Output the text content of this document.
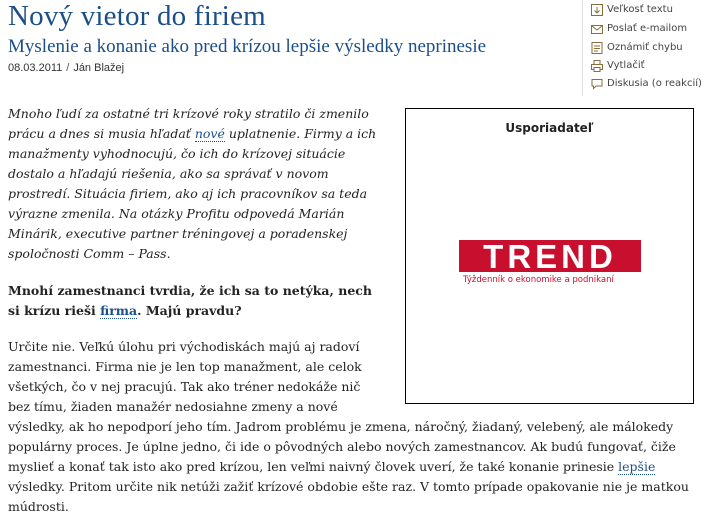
Nový vietor do firiem
Myslenie a konanie ako pred krízou lepšie výsledky neprinesie
08.03.2011 / Ján Blažej
Veľkosť textu
Poslať e-mailom
Oznámiť chybu
Vytlačiť
Diskusia (o reakcií)
Usporiadateľ
TREND
Týždenník o ekonomike a podnikaní

Mnoho ľudí za ostatné tri krízové roky stratilo či zmenilo prácu a dnes si musia hľadať nové uplatnenie. Firmy a ich manažmenty vyhodnocujú, čo ich do krízovej situácie dostalo a hľadajú riešenia, ako sa správať v novom prostredí. Situácia firiem, ako aj ich pracovníkov sa teda výrazne zmenila. Na otázky Profitu odpovedá Marián Minárik, executive partner tréningovej a poradenskej spoločnosti Comm – Pass.

Mnohí zamestnanci tvrdia, že ich sa to netýka, nech si krízu rieši firma. Majú pravdu?

Určite nie. Veľkú úlohu pri východiskách majú aj radoví zamestnanci. Firma nie je len top manažment, ale celok všetkých, čo v nej pracujú. Tak ako tréner nedokáže nič bez tímu, žiaden manažér nedosiahne zmeny a nové výsledky, ak ho nepodporí jeho tím. Jadrom problému je zmena, náročný, žiadaný, velebený, ale málokedy populárny proces. Je úplne jedno, či ide o pôvodných alebo nových zamestnancov. Ak budú fungovať, čiže myslieť a konať tak isto ako pred krízou, len veľmi naivný človek uverí, že také konanie prinesie lepšie výsledky. Pritom určite nik netúži zažiť krízové obdobie ešte raz. V tomto prípade opakovanie nie je matkou múdrosti.
